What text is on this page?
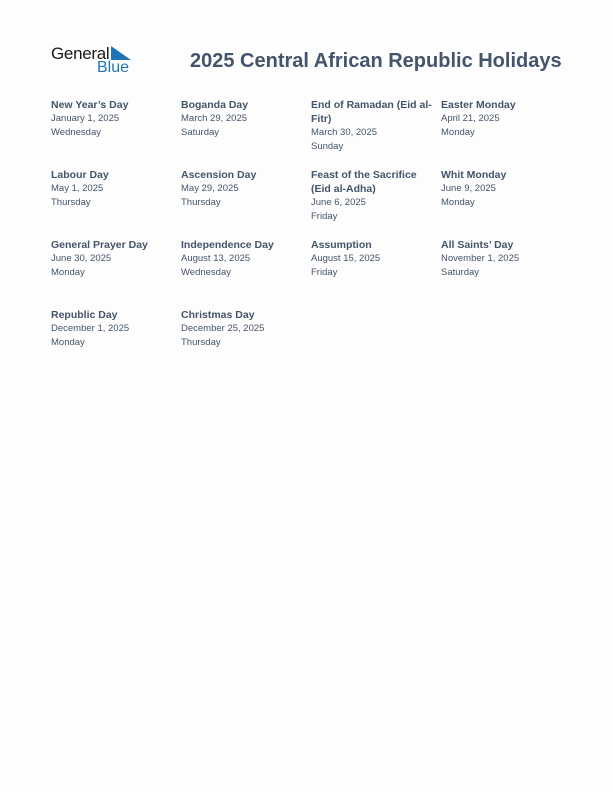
General
Blue	2025 Central African Republic Holidays
New Year’s Day
January 1, 2025
Wednesday
Boganda Day
March 29, 2025
Saturday
End of Ramadan (Eid al-Fitr)
March 30, 2025
Sunday
Easter Monday
April 21, 2025
Monday
Labour Day
May 1, 2025
Thursday
Ascension Day
May 29, 2025
Thursday
Feast of the Sacrifice (Eid al-Adha)
June 6, 2025
Friday
Whit Monday
June 9, 2025
Monday
General Prayer Day
June 30, 2025
Monday
Independence Day
August 13, 2025
Wednesday
Assumption
August 15, 2025
Friday
All Saints’ Day
November 1, 2025
Saturday
Republic Day
December 1, 2025
Monday
Christmas Day
December 25, 2025
Thursday
